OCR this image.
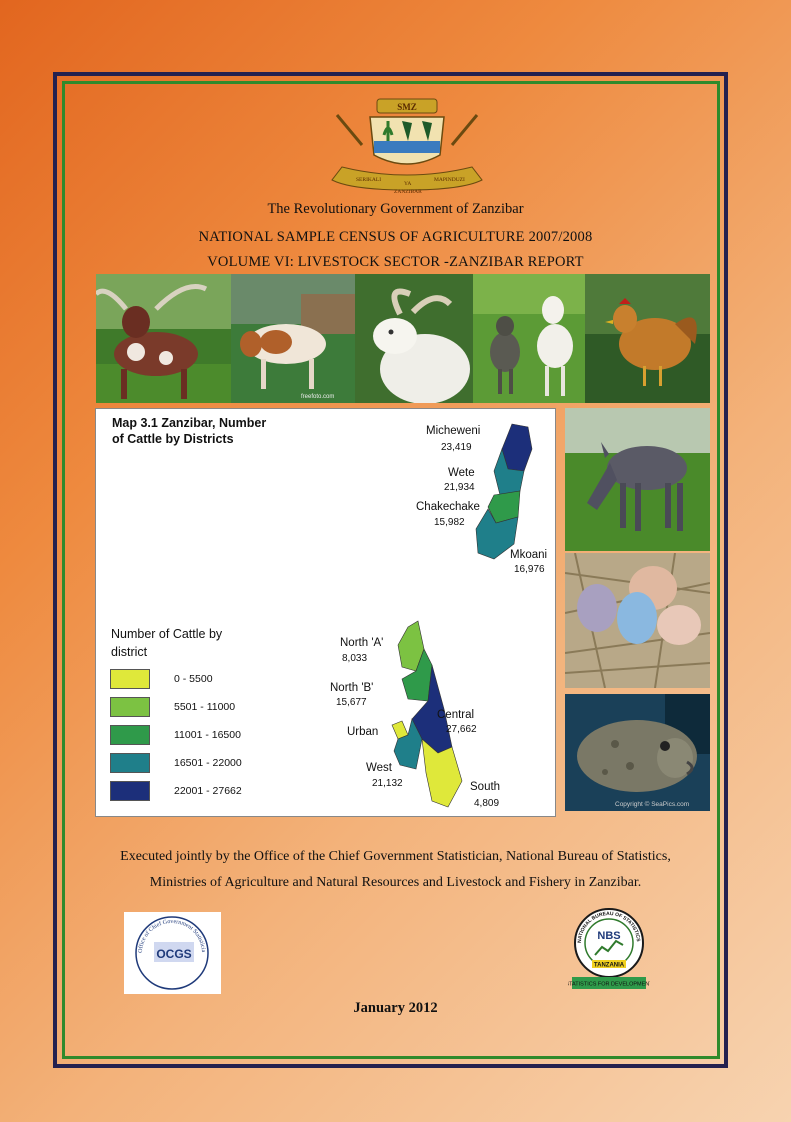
SMZ
SERIKALI
YA
MAPINDUZI
ZANZIBAR
The Revolutionary Government of Zanzibar
NATIONAL SAMPLE CENSUS OF AGRICULTURE 2007/2008
VOLUME VI: LIVESTOCK SECTOR -ZANZIBAR REPORT
freefoto.com
Map 3.1 Zanzibar, Number of Cattle by Districts
Micheweni
23,419
Wete
21,934
Chakechake
15,982
Mkoani
16,976
North 'A'
8,033
North 'B'
15,677
Central
27,662
Urban
West
21,132	South
4,809
Number of Cattle by district
0 - 5500
5501 - 11000
11001 - 16500
16501 - 22000
22001 - 27662
Copyright © SeaPics.com
Executed jointly by the Office of the Chief Government Statistician, National Bureau of Statistics,
Ministries of Agriculture and Natural Resources and Livestock and Fishery in Zanzibar.
OCGS
Office of Chief Government Statisticia
NATIONAL BUREAU OF STATISTICS
NBS
TANZANIA
STATISTICS FOR DEVELOPMENT
January 2012
